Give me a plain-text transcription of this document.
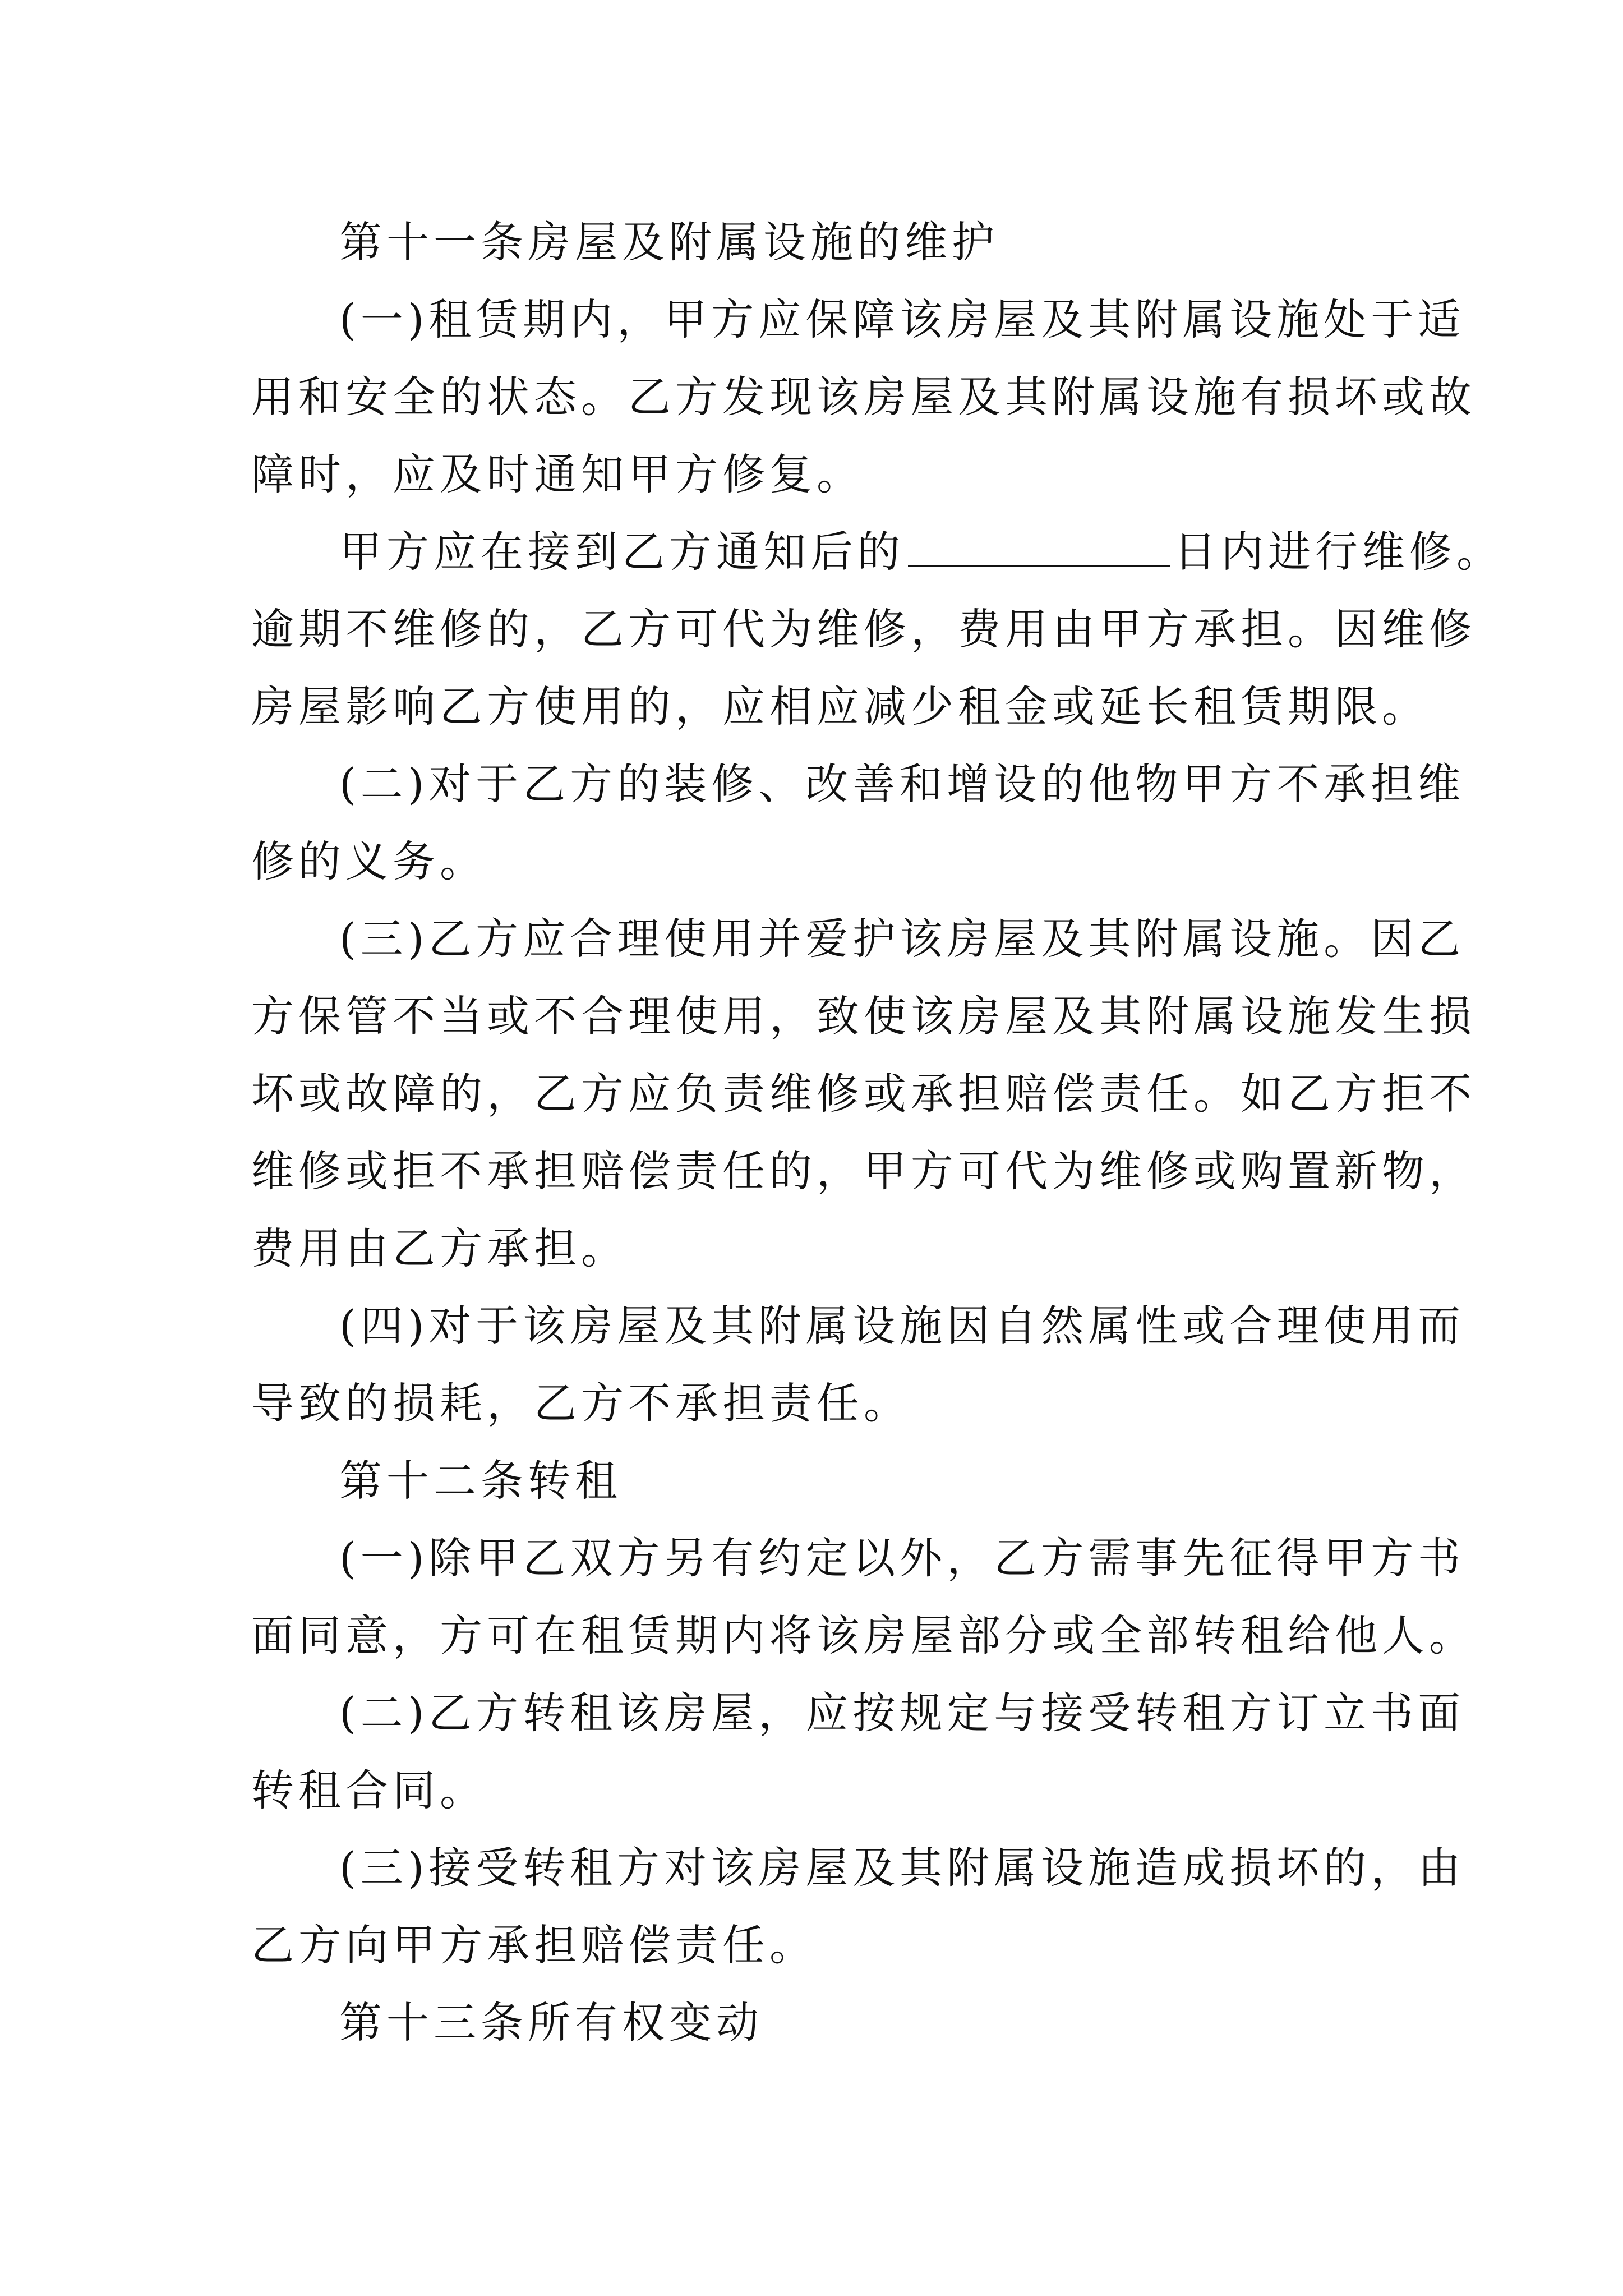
第十一条房屋及附属设施的维护
(一)租赁期内，甲方应保障该房屋及其附属设施处于适
用和安全的状态。乙方发现该房屋及其附属设施有损坏或故
障时，应及时通知甲方修复。
甲方应在接到乙方通知后的	日内进行维修。
逾期不维修的，乙方可代为维修，费用由甲方承担。因维修
房屋影响乙方使用的，应相应减少租金或延长租赁期限。
(二)对于乙方的装修、改善和增设的他物甲方不承担维
修的义务。
(三)乙方应合理使用并爱护该房屋及其附属设施。因乙
方保管不当或不合理使用，致使该房屋及其附属设施发生损
坏或故障的，乙方应负责维修或承担赔偿责任。如乙方拒不
维修或拒不承担赔偿责任的，甲方可代为维修或购置新物，
费用由乙方承担。
(四)对于该房屋及其附属设施因自然属性或合理使用而
导致的损耗，乙方不承担责任。
第十二条转租
(一)除甲乙双方另有约定以外，乙方需事先征得甲方书
面同意，方可在租赁期内将该房屋部分或全部转租给他人。
(二)乙方转租该房屋，应按规定与接受转租方订立书面
转租合同。
(三)接受转租方对该房屋及其附属设施造成损坏的，由
乙方向甲方承担赔偿责任。
第十三条所有权变动
